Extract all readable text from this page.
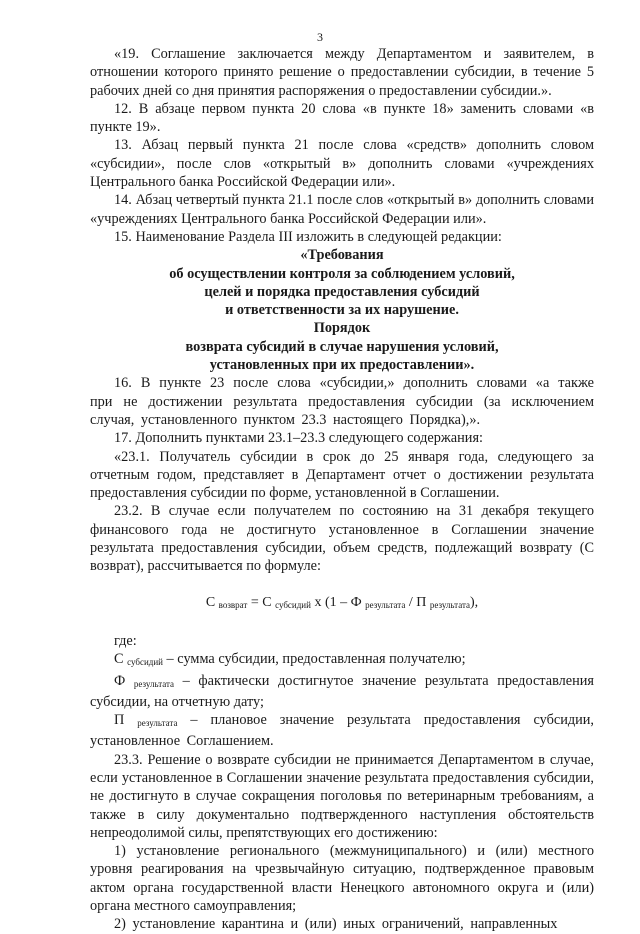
3

«19. Соглашение заключается между Департаментом и заявителем, в отношении которого принято решение о предоставлении субсидии, в течение 5 рабочих дней со дня принятия распоряжения о предоставлении субсидии.».

12. В абзаце первом пункта 20 слова «в пункте 18» заменить словами «в пункте 19».

13. Абзац первый пункта 21 после слова «средств» дополнить словом «субсидии», после слов «открытый в» дополнить словами «учреждениях Центрального банка Российской Федерации или».

14. Абзац четвертый пункта 21.1 после слов «открытый в» дополнить словами «учреждениях Центрального банка Российской Федерации или».

15. Наименование Раздела III изложить в следующей редакции:

«Требования

об осуществлении контроля за соблюдением условий,

целей и порядка предоставления субсидий

и ответственности за их нарушение.

Порядок

возврата субсидий в случае нарушения условий,

установленных при их предоставлении».

16. В пункте 23 после слова «субсидии,» дополнить словами «а также при не достижении результата предоставления субсидии (за исключением случая, установленного пунктом 23.3 настоящего Порядка),».

17. Дополнить пунктами 23.1–23.3 следующего содержания:

«23.1. Получатель субсидии в срок до 25 января года, следующего за отчетным годом, представляет в Департамент отчет о достижении результата предоставления субсидии по форме, установленной в Соглашении.

23.2. В случае если получателем по состоянию на 31 декабря текущего финансового года не достигнуто установленное в Соглашении значение результата предоставления субсидии, объем средств, подлежащий возврату (С возврат), рассчитывается по формуле:

С $_{возврат}$ = С $_{субсидий}$ x (1 – Ф $_{результата}$ / П $_{результата}$),

где:

С $_{субсидий}$ – сумма субсидии, предоставленная получателю;

Ф $_{результата}$ – фактически достигнутое значение результата предоставления субсидии, на отчетную дату;

П $_{результата}$ – плановое значение результата предоставления субсидии, установленное Соглашением.

23.3. Решение о возврате субсидии не принимается Департаментом в случае, если установленное в Соглашении значение результата предоставления субсидии, не достигнуто в случае сокращения поголовья по ветеринарным требованиям, а также в силу документально подтвержденного наступления обстоятельств непреодолимой силы, препятствующих его достижению:

1) установление регионального (межмуниципального) и (или) местного уровня реагирования на чрезвычайную ситуацию, подтвержденное правовым актом органа государственной власти Ненецкого автономного округа и (или) органа местного самоуправления;

2) установление карантина и (или) иных ограничений, направленных
